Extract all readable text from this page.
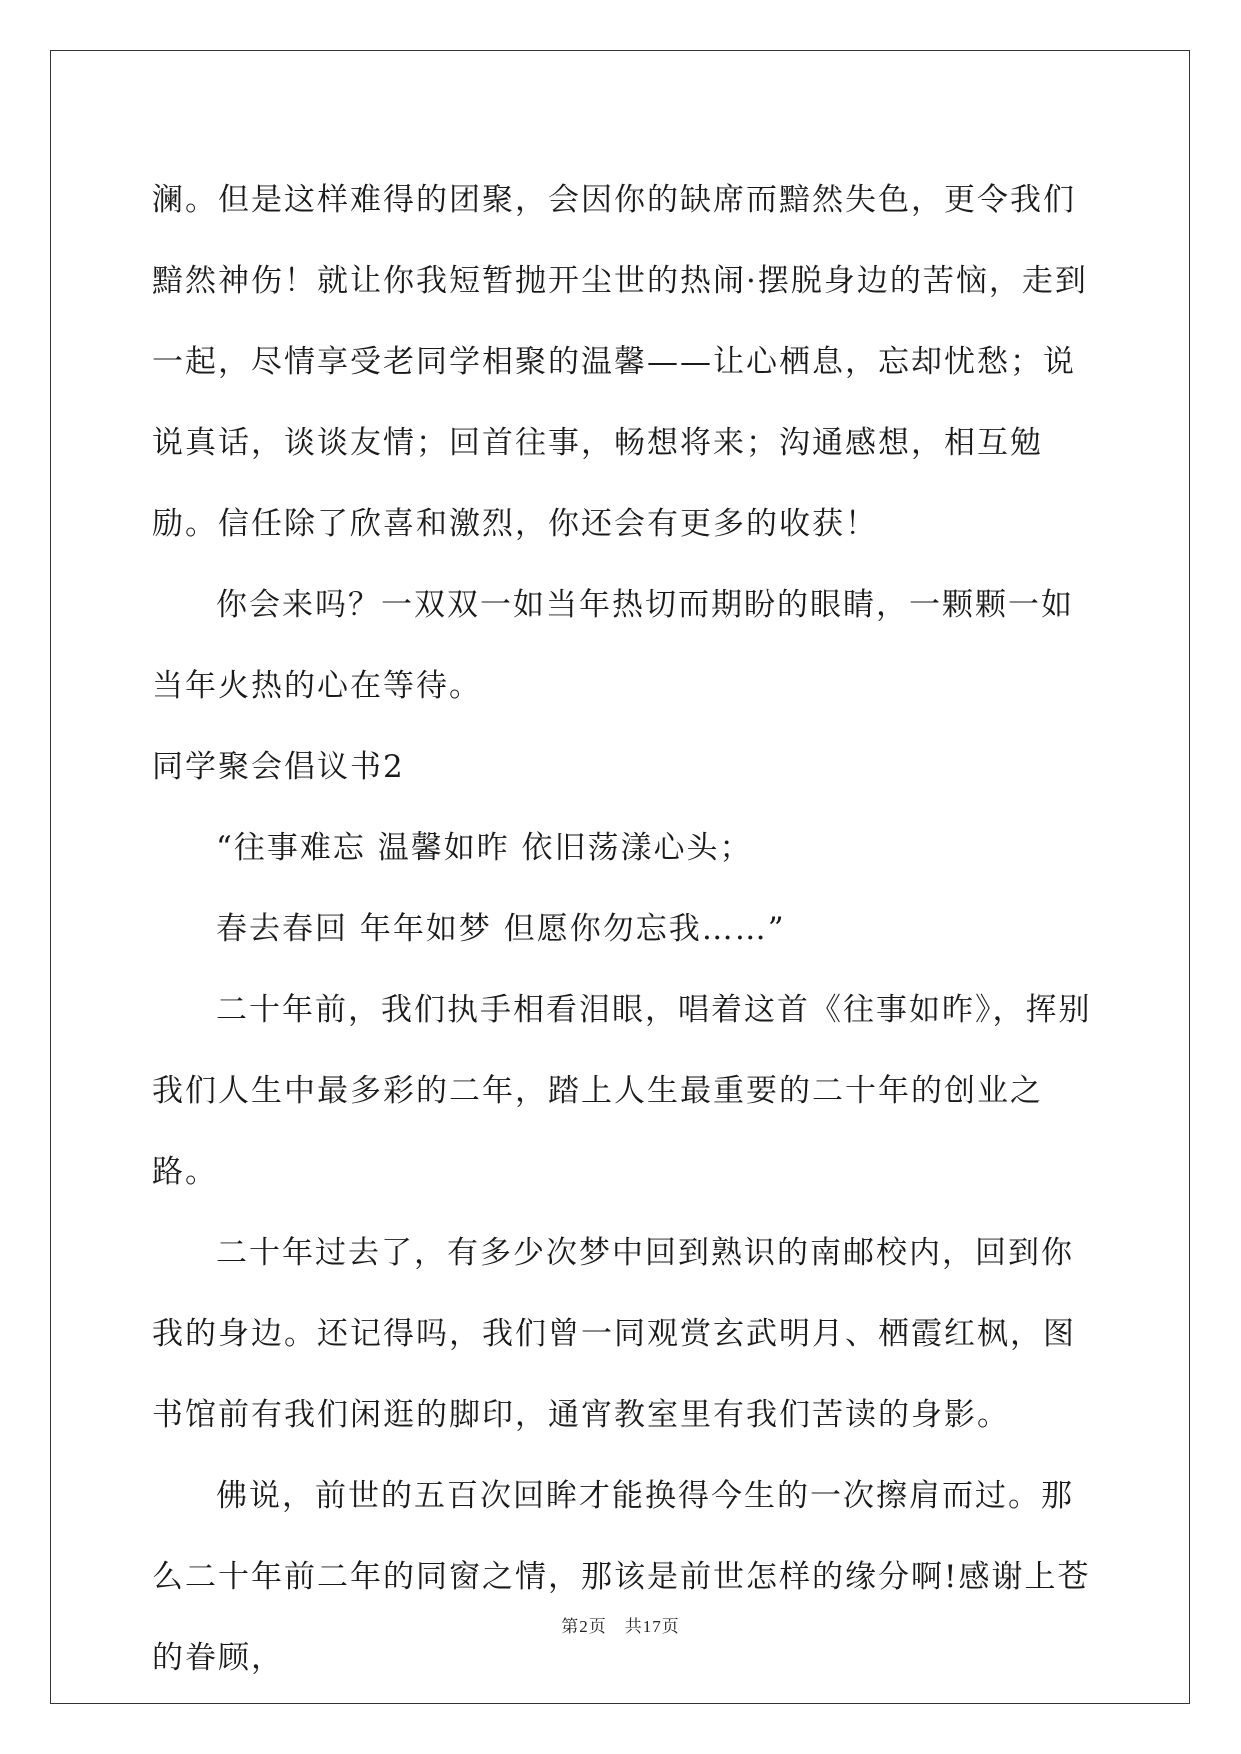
澜。但是这样难得的团聚，会因你的缺席而黯然失色，更令我们黯然神伤！就让你我短暂抛开尘世的热闹·摆脱身边的苦恼，走到一起，尽情享受老同学相聚的温馨——让心栖息，忘却忧愁；说说真话，谈谈友情；回首往事，畅想将来；沟通感想，相互勉励。信任除了欣喜和激烈，你还会有更多的收获！

你会来吗？一双双一如当年热切而期盼的眼睛，一颗颗一如当年火热的心在等待。

同学聚会倡议书2

“往事难忘 温馨如昨 依旧荡漾心头；

春去春回 年年如梦 但愿你勿忘我……”

二十年前，我们执手相看泪眼，唱着这首《往事如昨》，挥别我们人生中最多彩的二年，踏上人生最重要的二十年的创业之路。

二十年过去了，有多少次梦中回到熟识的南邮校内，回到你我的身边。还记得吗，我们曾一同观赏玄武明月、栖霞红枫，图书馆前有我们闲逛的脚印，通宵教室里有我们苦读的身影。

佛说，前世的五百次回眸才能换得今生的一次擦肩而过。那么二十年前二年的同窗之情，那该是前世怎样的缘分啊!感谢上苍的眷顾，

第2页　共17页
